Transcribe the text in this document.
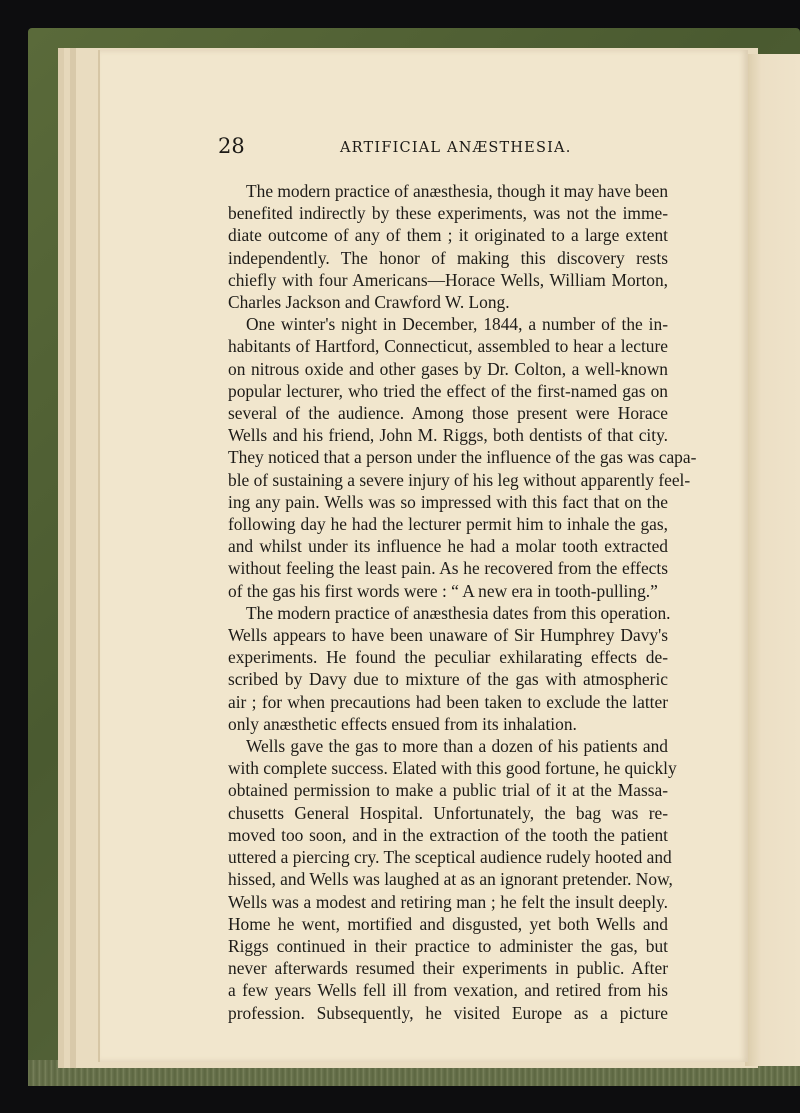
28	ARTIFICIAL ANÆSTHESIA.
The modern practice of anæsthesia, though it may have been
benefited indirectly by these experiments, was not the imme-
diate outcome of any of them ; it originated to a large extent
independently. The honor of making this discovery rests
chiefly with four Americans—Horace Wells, William Morton,
Charles Jackson and Crawford W. Long.
One winter's night in December, 1844, a number of the in-
habitants of Hartford, Connecticut, assembled to hear a lecture
on nitrous oxide and other gases by Dr. Colton, a well-known
popular lecturer, who tried the effect of the first-named gas on
several of the audience. Among those present were Horace
Wells and his friend, John M. Riggs, both dentists of that city.
They noticed that a person under the influence of the gas was capa-
ble of sustaining a severe injury of his leg without apparently feel-
ing any pain. Wells was so impressed with this fact that on the
following day he had the lecturer permit him to inhale the gas,
and whilst under its influence he had a molar tooth extracted
without feeling the least pain. As he recovered from the effects
of the gas his first words were : “ A new era in tooth-pulling.”
The modern practice of anæsthesia dates from this operation.
Wells appears to have been unaware of Sir Humphrey Davy's
experiments. He found the peculiar exhilarating effects de-
scribed by Davy due to mixture of the gas with atmospheric
air ; for when precautions had been taken to exclude the latter
only anæsthetic effects ensued from its inhalation.
Wells gave the gas to more than a dozen of his patients and
with complete success. Elated with this good fortune, he quickly
obtained permission to make a public trial of it at the Massa-
chusetts General Hospital. Unfortunately, the bag was re-
moved too soon, and in the extraction of the tooth the patient
uttered a piercing cry. The sceptical audience rudely hooted and
hissed, and Wells was laughed at as an ignorant pretender. Now,
Wells was a modest and retiring man ; he felt the insult deeply.
Home he went, mortified and disgusted, yet both Wells and
Riggs continued in their practice to administer the gas, but
never afterwards resumed their experiments in public. After
a few years Wells fell ill from vexation, and retired from his
profession. Subsequently, he visited Europe as a picture
